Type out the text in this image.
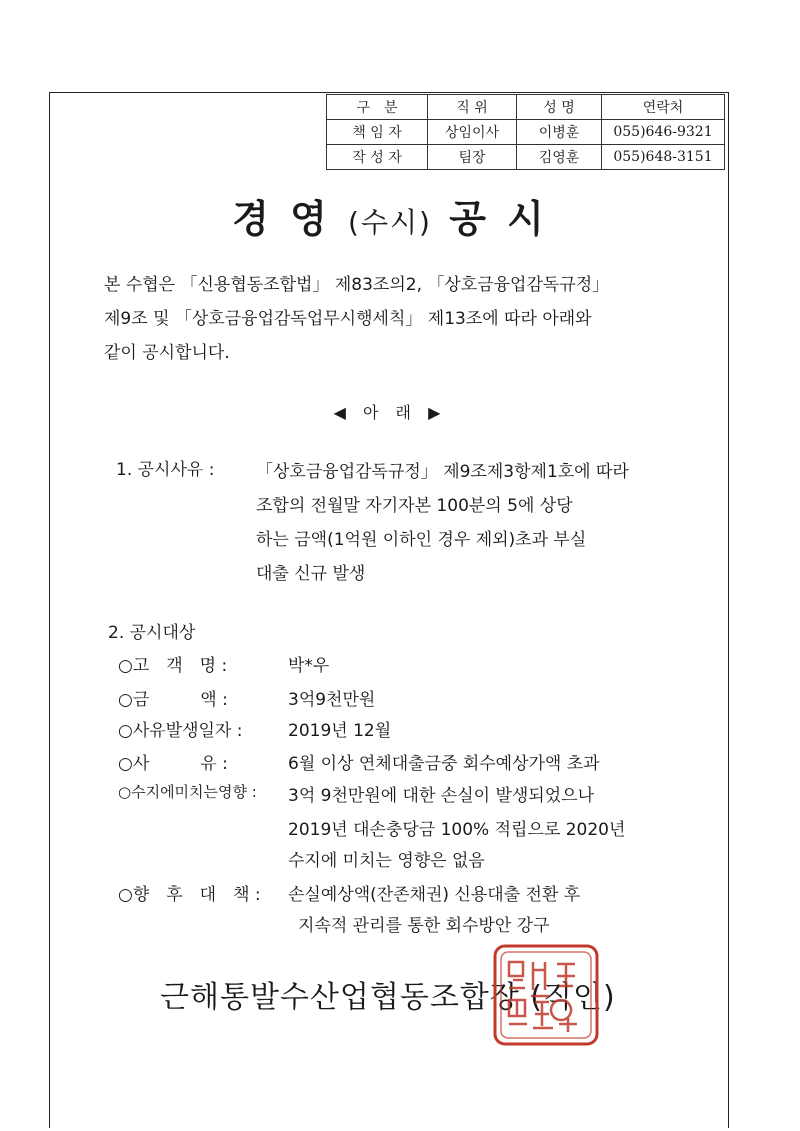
구　분	직 위	성 명	연락처
책 임 자	상임이사	이병훈	055)646-9321
작 성 자	팀장	김영훈	055)648-3151
경 영 (수시) 공 시
본 수협은 「신용협동조합법」 제83조의2, 「상호금융업감독규정」
제9조 및 「상호금융업감독업무시행세칙」 제13조에 따라 아래와
같이 공시합니다.
◀ 아 래 ▶
1. 공시사유 : 「상호금융업감독규정」 제9조제3항제1호에 따라
조합의 전월말 자기자본 100분의 5에 상당
하는 금액(1억원 이하인 경우 제외)초과 부실
대출 신규 발생
2. 공시대상
○고　객　명 :	박*우
○금　　　액 :	3억9천만원
○사유발생일자 :	2019년 12월
○사　　　유 :	6월 이상 연체대출금중 회수예상가액 초과
○수지에미치는영향 : 3억 9천만원에 대한 손실이 발생되었으나
2019년 대손충당금 100% 적립으로 2020년
수지에 미치는 영향은 없음
○향　후　대　책 : 손실예상액(잔존채권) 신용대출 전환 후
지속적 관리를 통한 회수방안 강구
근해통발수산업협동조합장 (직인)
